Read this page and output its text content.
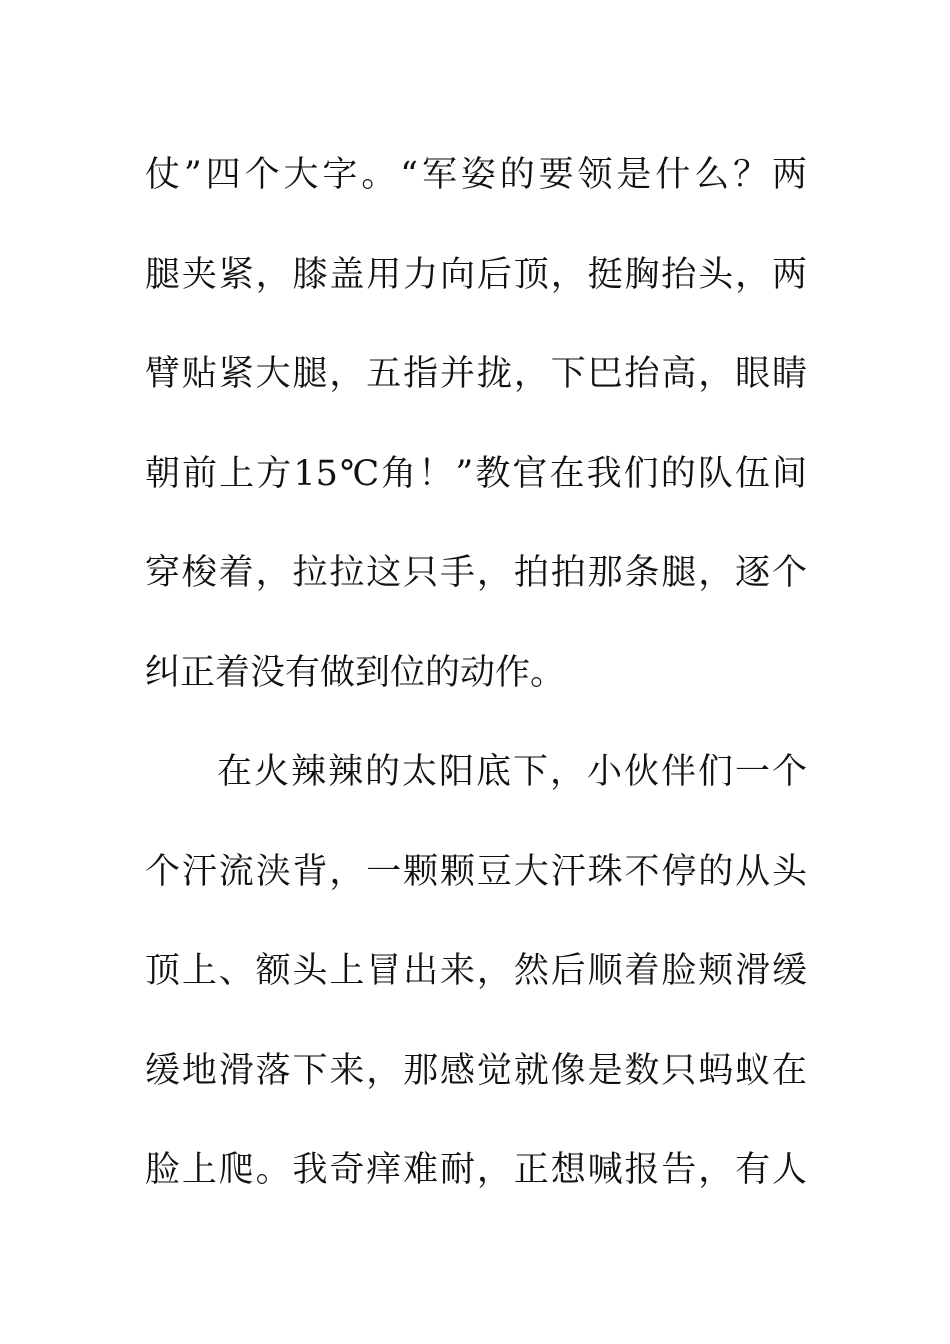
仗”四个大字。“军姿的要领是什么？两
腿夹紧，膝盖用力向后顶，挺胸抬头，两
臂贴紧大腿，五指并拢，下巴抬高，眼睛
朝前上方15℃角！”教官在我们的队伍间
穿梭着，拉拉这只手，拍拍那条腿，逐个
纠正着没有做到位的动作。
在火辣辣的太阳底下，小伙伴们一个
个汗流浃背，一颗颗豆大汗珠不停的从头
顶上、额头上冒出来，然后顺着脸颊滑缓
缓地滑落下来，那感觉就像是数只蚂蚁在
脸上爬。我奇痒难耐，正想喊报告，有人
